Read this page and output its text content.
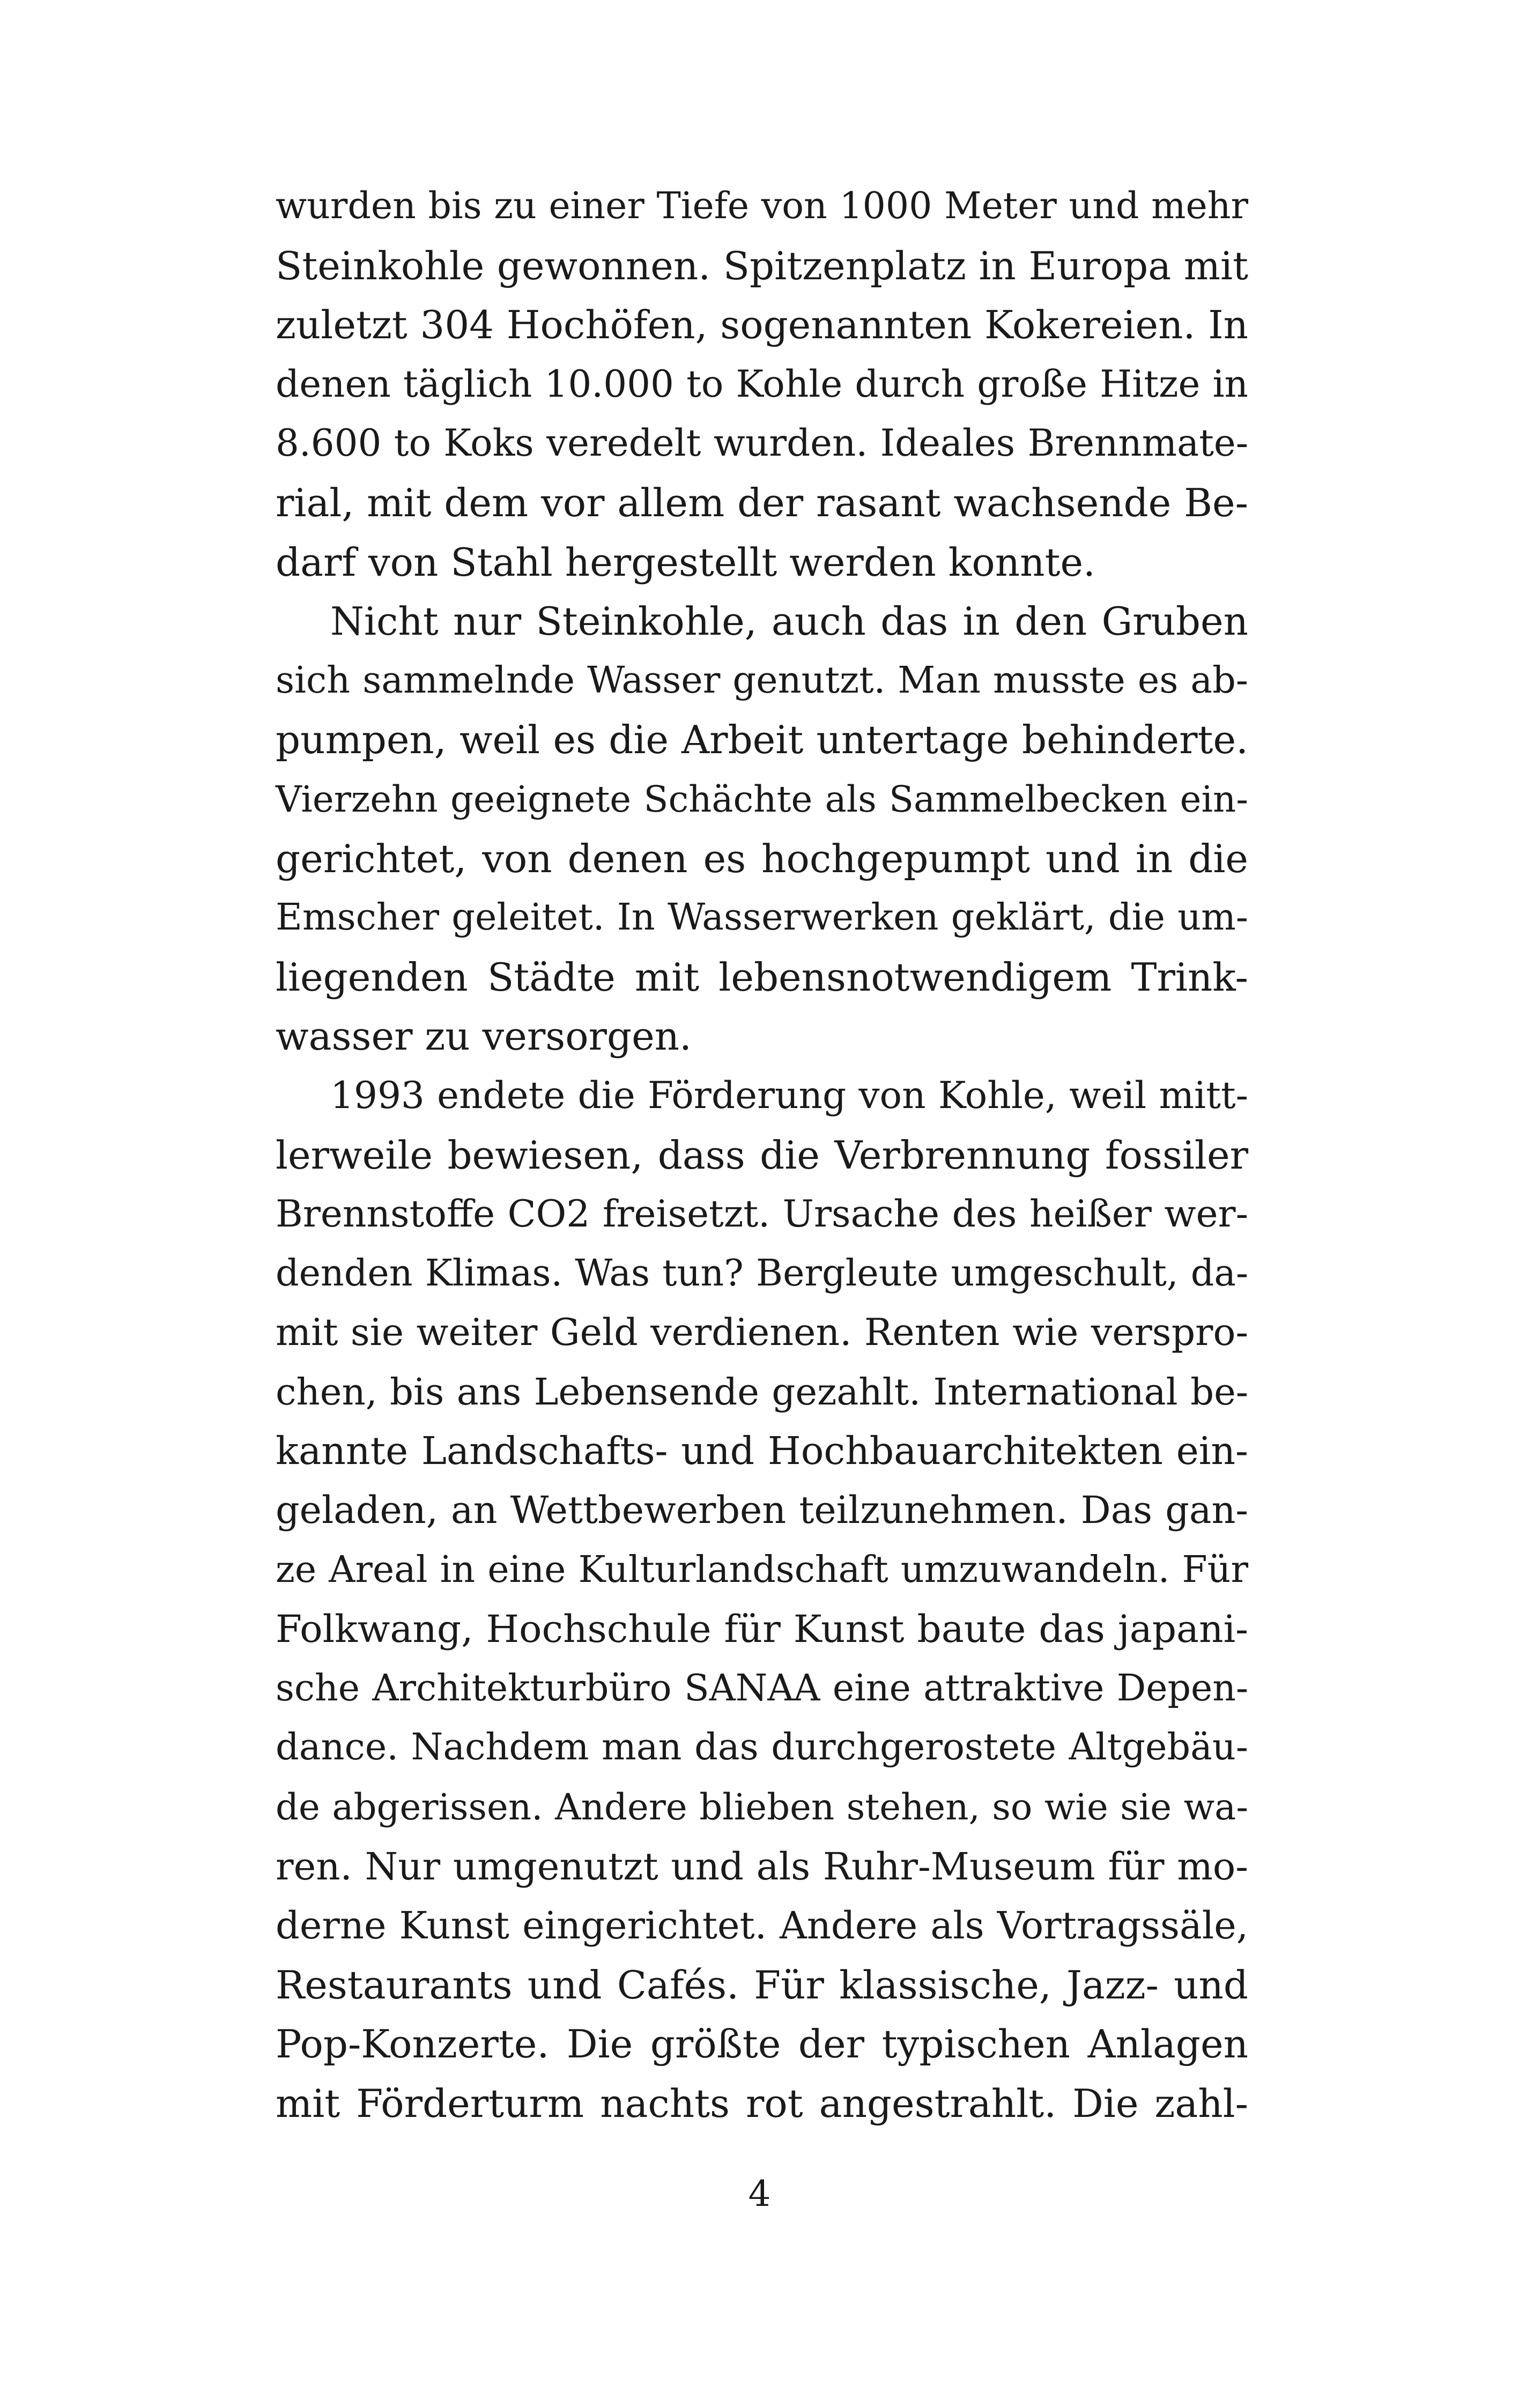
wurden bis zu einer Tiefe von 1000 Meter und mehr
Steinkohle gewonnen. Spitzenplatz in Europa mit
zuletzt 304 Hochöfen, sogenannten Kokereien. In
denen täglich 10.000 to Kohle durch große Hitze in
8.600 to Koks veredelt wurden. Ideales Brennmate-
rial, mit dem vor allem der rasant wachsende Be-
darf von Stahl hergestellt werden konnte.
Nicht nur Steinkohle, auch das in den Gruben
sich sammelnde Wasser genutzt. Man musste es ab-
pumpen, weil es die Arbeit untertage behinderte.
Vierzehn geeignete Schächte als Sammelbecken ein-
gerichtet, von denen es hochgepumpt und in die
Emscher geleitet. In Wasserwerken geklärt, die um-
liegenden Städte mit lebensnotwendigem Trink-
wasser zu versorgen.
1993 endete die Förderung von Kohle, weil mitt-
lerweile bewiesen, dass die Verbrennung fossiler
Brennstoffe CO2 freisetzt. Ursache des heißer wer-
denden Klimas. Was tun? Bergleute umgeschult, da-
mit sie weiter Geld verdienen. Renten wie verspro-
chen, bis ans Lebensende gezahlt. International be-
kannte Landschafts- und Hochbauarchitekten ein-
geladen, an Wettbewerben teilzunehmen. Das gan-
ze Areal in eine Kulturlandschaft umzuwandeln. Für
Folkwang, Hochschule für Kunst baute das japani-
sche Architekturbüro SANAA eine attraktive Depen-
dance. Nachdem man das durchgerostete Altgebäu-
de abgerissen. Andere blieben stehen, so wie sie wa-
ren. Nur umgenutzt und als Ruhr-Museum für mo-
derne Kunst eingerichtet. Andere als Vortragssäle,
Restaurants und Cafés. Für klassische, Jazz- und
Pop-Konzerte. Die größte der typischen Anlagen
mit Förderturm nachts rot angestrahlt. Die zahl-
4
